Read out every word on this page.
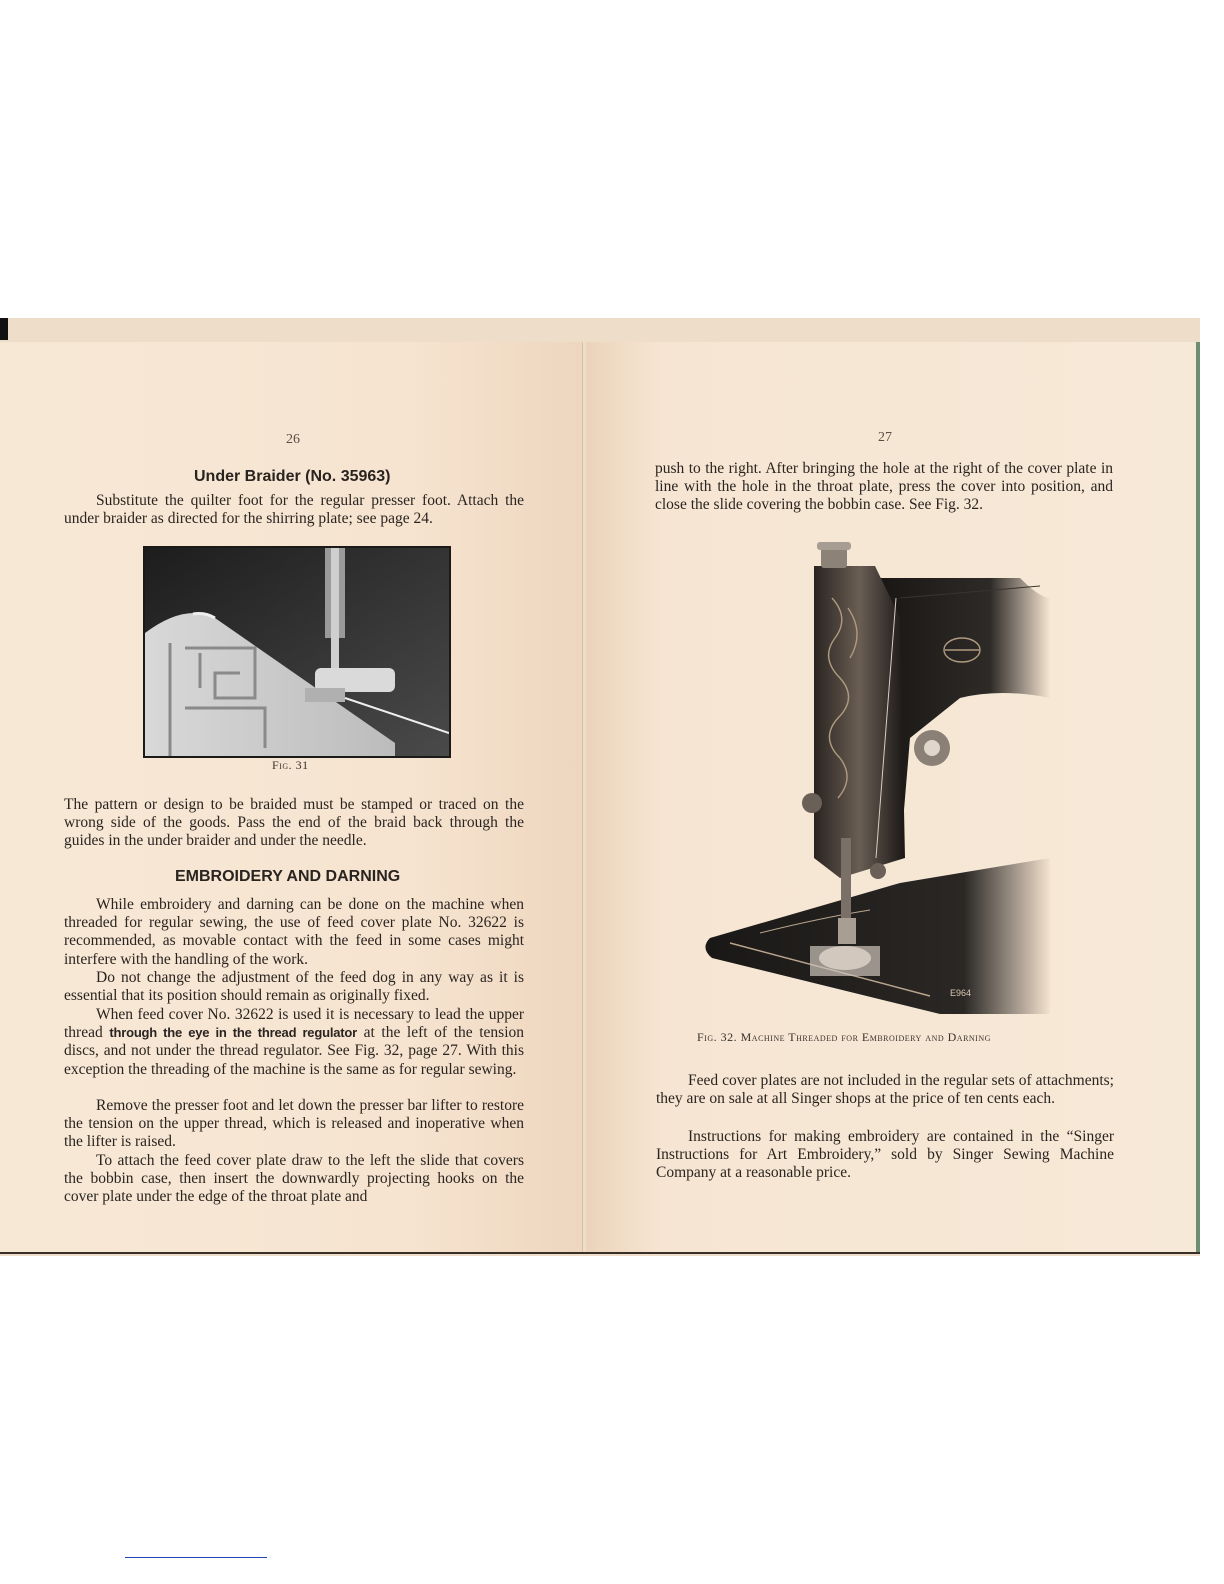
26
Under Braider (No. 35963)

Substitute the quilter foot for the regular presser foot. Attach the under braider as directed for the shirring plate; see page 24.

Fig. 31

The pattern or design to be braided must be stamped or traced on the wrong side of the goods. Pass the end of the braid back through the guides in the under braider and under the needle.

EMBROIDERY AND DARNING

While embroidery and darning can be done on the machine when threaded for regular sewing, the use of feed cover plate No. 32622 is recommended, as movable contact with the feed in some cases might interfere with the handling of the work.

Do not change the adjustment of the feed dog in any way as it is essential that its position should remain as originally fixed.

When feed cover No. 32622 is used it is necessary to lead the upper thread through the eye in the thread regulator at the left of the tension discs, and not under the thread regulator. See Fig. 32, page 27. With this exception the threading of the machine is the same as for regular sewing.

Remove the presser foot and let down the presser bar lifter to restore the tension on the upper thread, which is released and inoperative when the lifter is raised.

To attach the feed cover plate draw to the left the slide that covers the bobbin case, then insert the downwardly projecting hooks on the cover plate under the edge of the throat plate and

27

push to the right. After bringing the hole at the right of the cover plate in line with the hole in the throat plate, press the cover into position, and close the slide covering the bobbin case. See Fig. 32.

E964
Fig. 32. Machine Threaded for Embroidery and Darning

Feed cover plates are not included in the regular sets of attachments; they are on sale at all Singer shops at the price of ten cents each.

Instructions for making embroidery are contained in the “Singer Instructions for Art Embroidery,” sold by Singer Sewing Machine Company at a reasonable price.
